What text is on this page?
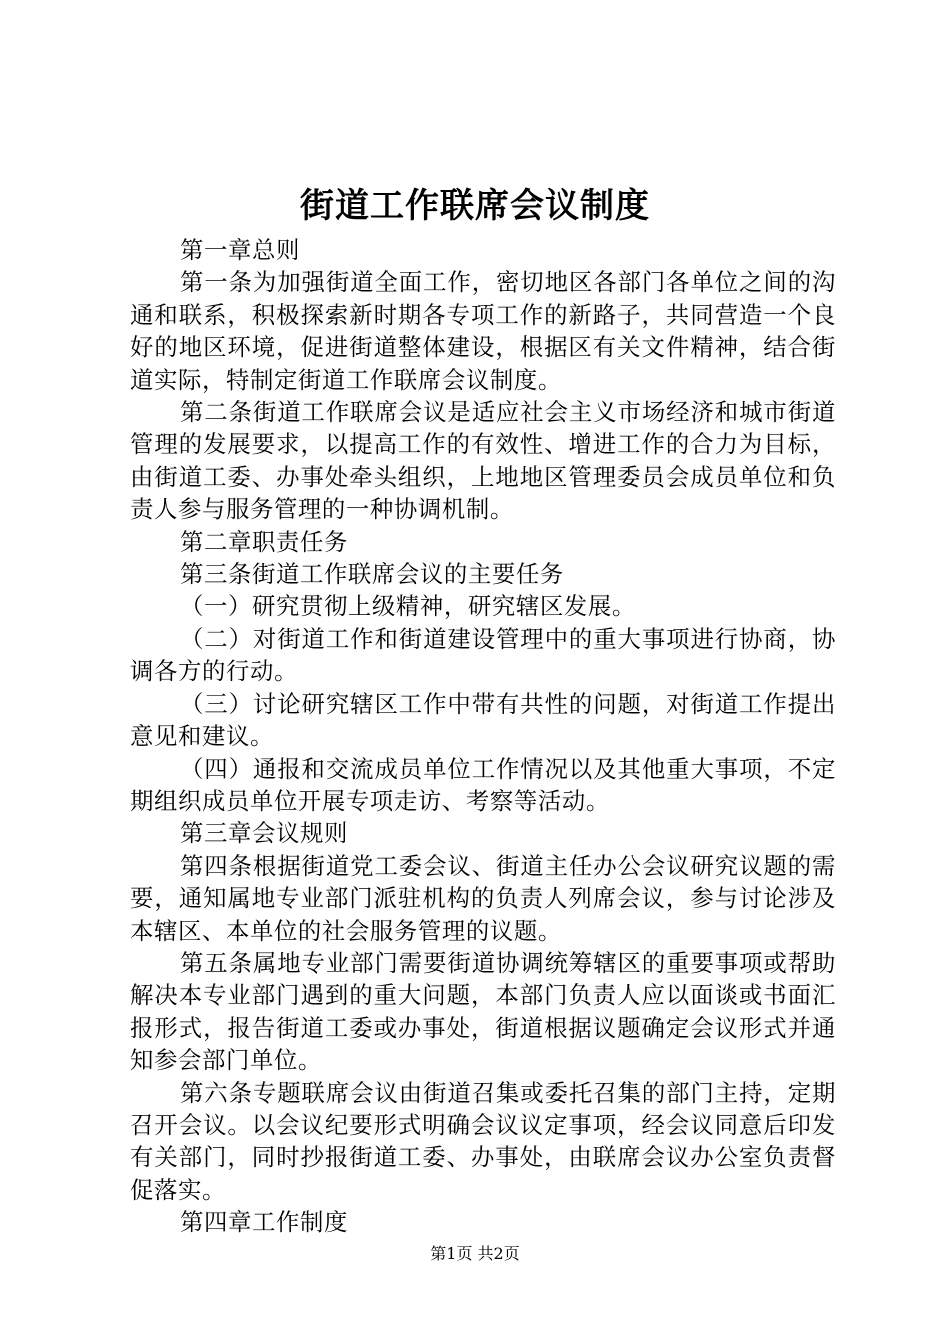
街道工作联席会议制度

第一章总则

第一条为加强街道全面工作，密切地区各部门各单位之间的沟通和联系，积极探索新时期各专项工作的新路子，共同营造一个良好的地区环境，促进街道整体建设，根据区有关文件精神，结合街道实际，特制定街道工作联席会议制度。

第二条街道工作联席会议是适应社会主义市场经济和城市街道管理的发展要求，以提高工作的有效性、增进工作的合力为目标，由街道工委、办事处牵头组织，上地地区管理委员会成员单位和负责人参与服务管理的一种协调机制。

第二章职责任务

第三条街道工作联席会议的主要任务

（一）研究贯彻上级精神，研究辖区发展。

（二）对街道工作和街道建设管理中的重大事项进行协商，协调各方的行动。

（三）讨论研究辖区工作中带有共性的问题，对街道工作提出意见和建议。

（四）通报和交流成员单位工作情况以及其他重大事项，不定期组织成员单位开展专项走访、考察等活动。

第三章会议规则

第四条根据街道党工委会议、街道主任办公会议研究议题的需要，通知属地专业部门派驻机构的负责人列席会议，参与讨论涉及本辖区、本单位的社会服务管理的议题。

第五条属地专业部门需要街道协调统筹辖区的重要事项或帮助解决本专业部门遇到的重大问题，本部门负责人应以面谈或书面汇报形式，报告街道工委或办事处，街道根据议题确定会议形式并通知参会部门单位。

第六条专题联席会议由街道召集或委托召集的部门主持，定期召开会议。以会议纪要形式明确会议议定事项，经会议同意后印发有关部门，同时抄报街道工委、办事处，由联席会议办公室负责督促落实。

第四章工作制度

第1页 共2页
